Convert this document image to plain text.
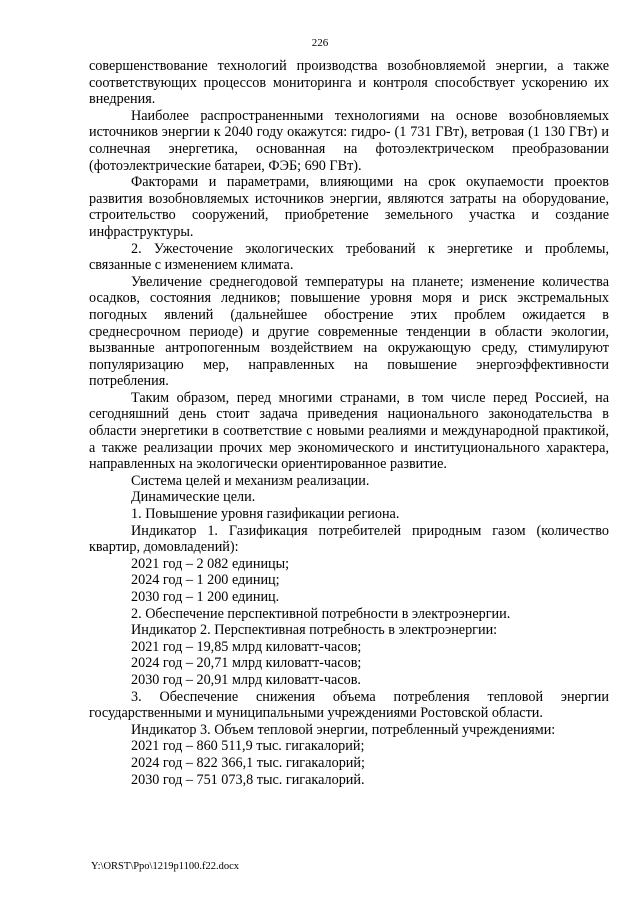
226

совершенствование технологий производства возобновляемой энергии, а также соответствующих процессов мониторинга и контроля способствует ускорению их внедрения.

Наиболее распространенными технологиями на основе возобновляемых источников энергии к 2040 году окажутся: гидро- (1 731 ГВт), ветровая (1 130 ГВт) и солнечная энергетика, основанная на фотоэлектрическом преобразовании (фотоэлектрические батареи, ФЭБ; 690 ГВт).

Факторами и параметрами, влияющими на срок окупаемости проектов развития возобновляемых источников энергии, являются затраты на оборудование, строительство сооружений, приобретение земельного участка и создание инфраструктуры.

2. Ужесточение экологических требований к энергетике и проблемы, связанные с изменением климата.

Увеличение среднегодовой температуры на планете; изменение количества осадков, состояния ледников; повышение уровня моря и риск экстремальных погодных явлений (дальнейшее обострение этих проблем ожидается в среднесрочном периоде) и другие современные тенденции в области экологии, вызванные антропогенным воздействием на окружающую среду, стимулируют популяризацию мер, направленных на повышение энергоэффективности потребления.

Таким образом, перед многими странами, в том числе перед Россией, на сегодняшний день стоит задача приведения национального законодательства в области энергетики в соответствие с новыми реалиями и международной практикой, а также реализации прочих мер экономического и институционального характера, направленных на экологически ориентированное развитие.

Система целей и механизм реализации.

Динамические цели.

1. Повышение уровня газификации региона.

Индикатор 1. Газификация потребителей природным газом (количество квартир, домовладений):

2021 год – 2 082 единицы;

2024 год – 1 200 единиц;

2030 год – 1 200 единиц.

2. Обеспечение перспективной потребности в электроэнергии.

Индикатор 2. Перспективная потребность в электроэнергии:

2021 год – 19,85 млрд киловатт-часов;

2024 год – 20,71 млрд киловатт-часов;

2030 год – 20,91 млрд киловатт-часов.

3. Обеспечение снижения объема потребления тепловой энергии государственными и муниципальными учреждениями Ростовской области.

Индикатор 3. Объем тепловой энергии, потребленный учреждениями:

2021 год – 860 511,9 тыс. гигакалорий;

2024 год – 822 366,1 тыс. гигакалорий;

2030 год – 751 073,8 тыс. гигакалорий.

Y:\ORST\Ppo\1219p1100.f22.docx
